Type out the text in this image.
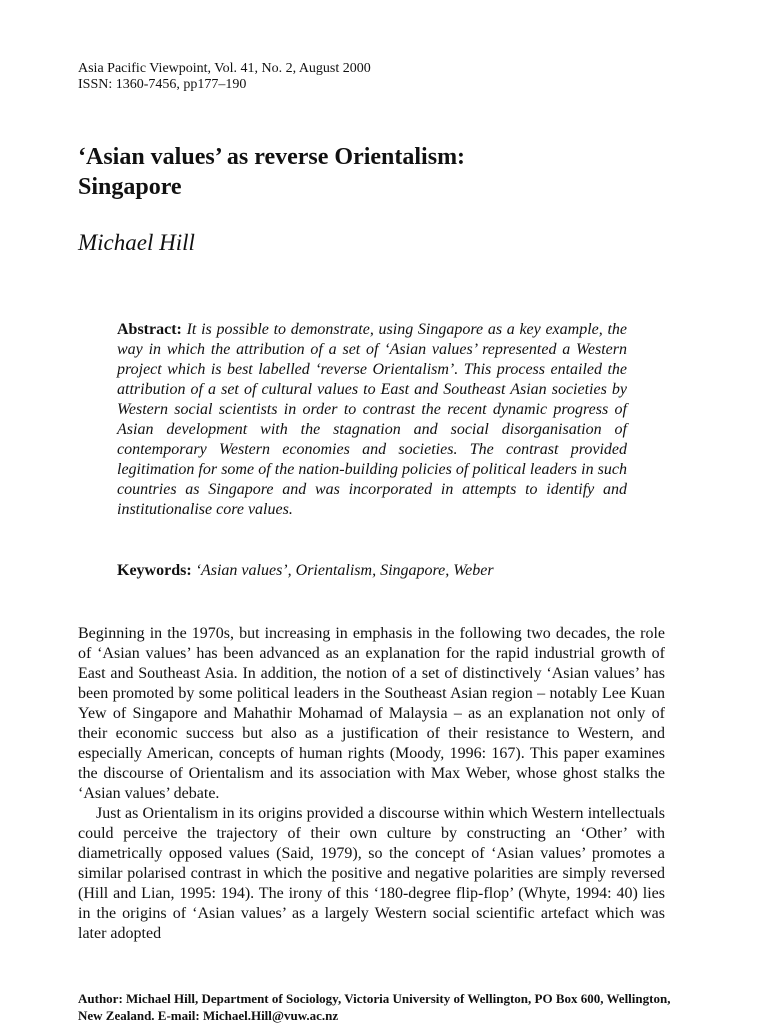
Asia Pacific Viewpoint, Vol. 41, No. 2, August 2000
ISSN: 1360-7456, pp177–190
‘Asian values’ as reverse Orientalism:
Singapore
Michael Hill
Abstract: It is possible to demonstrate, using Singapore as a key example, the way in which the attribution of a set of ‘Asian values’ represented a Western project which is best labelled ‘reverse Orientalism’. This process entailed the attribution of a set of cultural values to East and Southeast Asian societies by Western social scientists in order to contrast the recent dynamic progress of Asian development with the stagnation and social disorganisation of contemporary Western economies and societies. The contrast provided legitimation for some of the nation-building policies of political leaders in such countries as Singapore and was incorporated in attempts to identify and institutionalise core values.
Keywords: ‘Asian values’, Orientalism, Singapore, Weber

Beginning in the 1970s, but increasing in emphasis in the following two decades, the role of ‘Asian values’ has been advanced as an explanation for the rapid industrial growth of East and Southeast Asia. In addition, the notion of a set of distinctively ‘Asian values’ has been promoted by some political leaders in the Southeast Asian region – notably Lee Kuan Yew of Singapore and Mahathir Mohamad of Malaysia – as an explanation not only of their economic success but also as a justification of their resistance to Western, and especially American, concepts of human rights (Moody, 1996: 167). This paper examines the discourse of Orientalism and its association with Max Weber, whose ghost stalks the ‘Asian values’ debate.

Just as Orientalism in its origins provided a discourse within which Western intellectuals could perceive the trajectory of their own culture by constructing an ‘Other’ with diametrically opposed values (Said, 1979), so the concept of ‘Asian values’ promotes a similar polarised contrast in which the positive and negative polarities are simply reversed (Hill and Lian, 1995: 194). The irony of this ‘180-degree flip-flop’ (Whyte, 1994: 40) lies in the origins of ‘Asian values’ as a largely Western social scientific artefact which was later adopted

Author: Michael Hill, Department of Sociology, Victoria University of Wellington, PO Box 600, Wellington, New Zealand. E-mail: Michael.Hill@vuw.ac.nz
